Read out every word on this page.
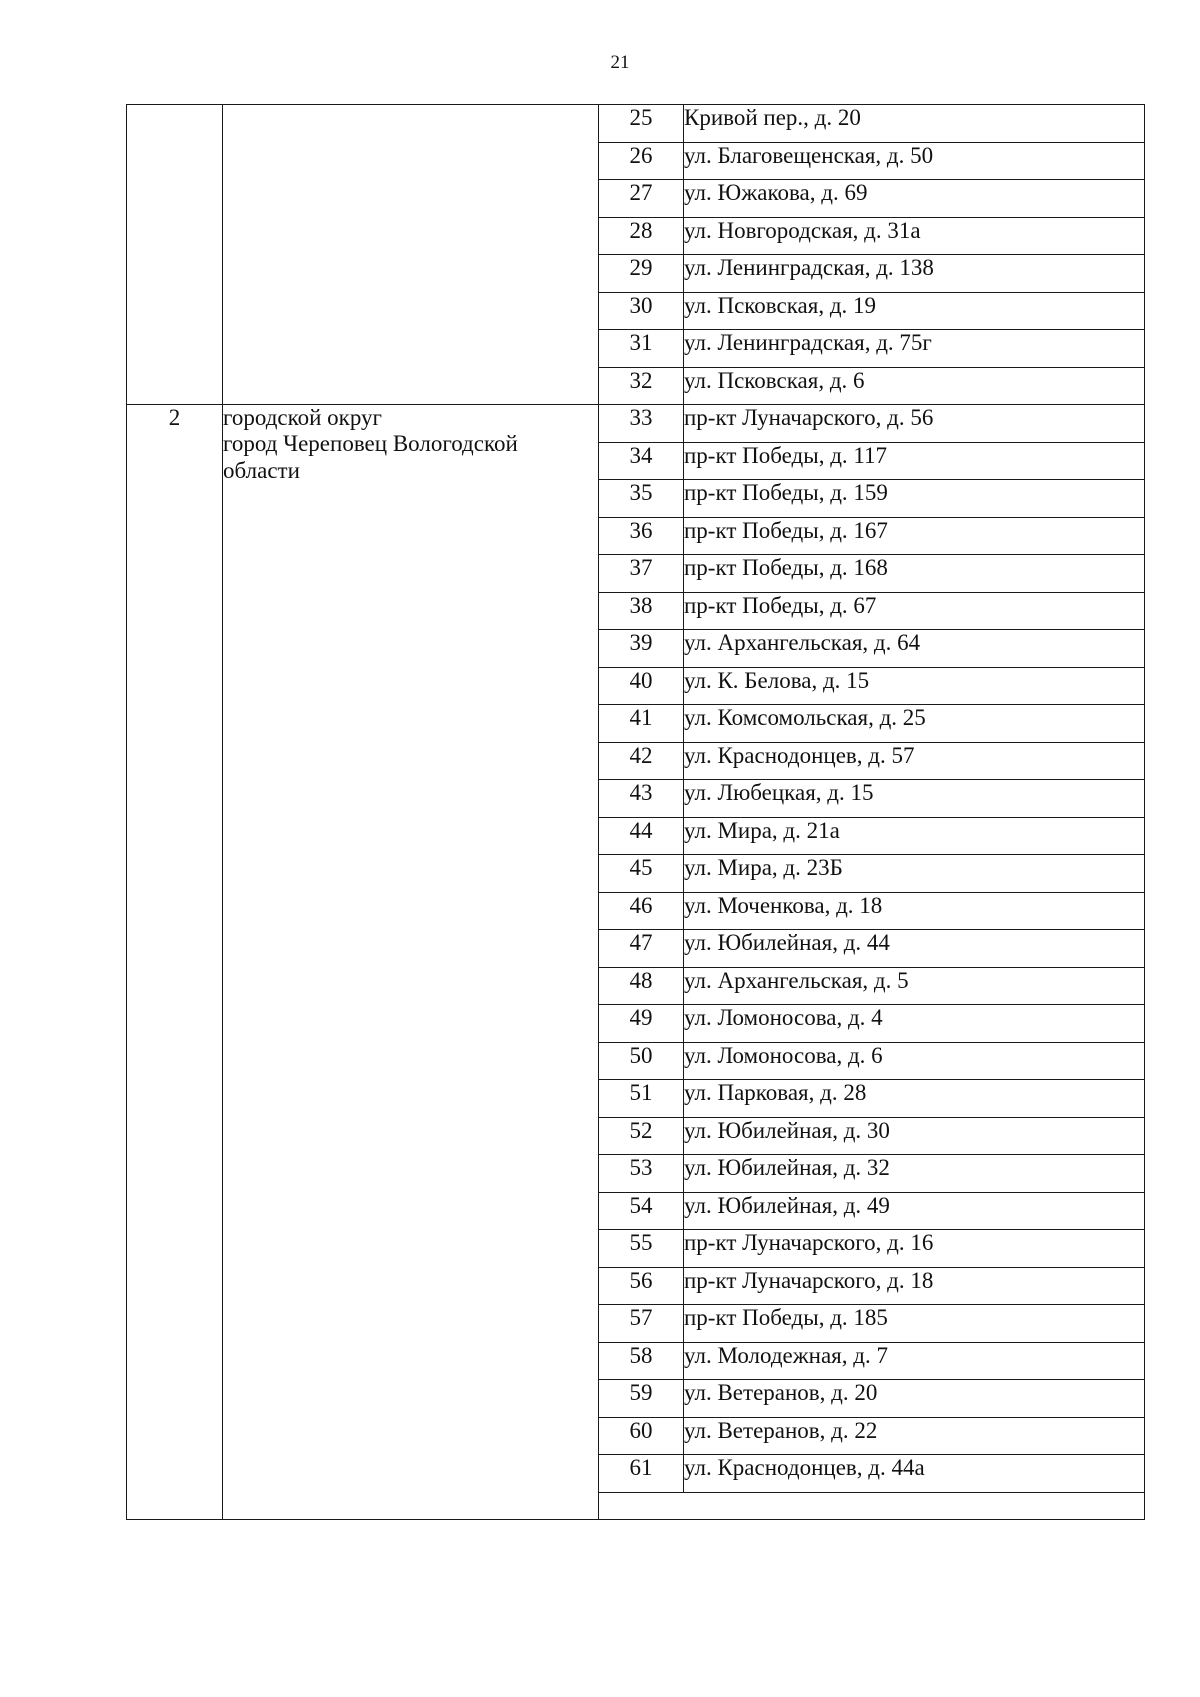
21
		25	Кривой пер., д. 20
		26	ул. Благовещенская, д. 50
		27	ул. Южакова, д. 69
		28	ул. Новгородская, д. 31а
		29	ул. Ленинградская, д. 138
		30	ул. Псковская, д. 19
		31	ул. Ленинградская, д. 75г
		32	ул. Псковская, д. 6
2	городской округ
город Череповец Вологодской
области	33	пр-кт Луначарского, д. 56
		34	пр-кт Победы, д. 117
		35	пр-кт Победы, д. 159
		36	пр-кт Победы, д. 167
		37	пр-кт Победы, д. 168
		38	пр-кт Победы, д. 67
		39	ул. Архангельская, д. 64
		40	ул. К. Белова, д. 15
		41	ул. Комсомольская, д. 25
		42	ул. Краснодонцев, д. 57
		43	ул. Любецкая, д. 15
		44	ул. Мира, д. 21а
		45	ул. Мира, д. 23Б
		46	ул. Моченкова, д. 18
		47	ул. Юбилейная, д. 44
		48	ул. Архангельская, д. 5
		49	ул. Ломоносова, д. 4
		50	ул. Ломоносова, д. 6
		51	ул. Парковая, д. 28
		52	ул. Юбилейная, д. 30
		53	ул. Юбилейная, д. 32
		54	ул. Юбилейная, д. 49
		55	пр-кт Луначарского, д. 16
		56	пр-кт Луначарского, д. 18
		57	пр-кт Победы, д. 185
		58	ул. Молодежная, д. 7
		59	ул. Ветеранов, д. 20
		60	ул. Ветеранов, д. 22
		61	ул. Краснодонцев, д. 44а
